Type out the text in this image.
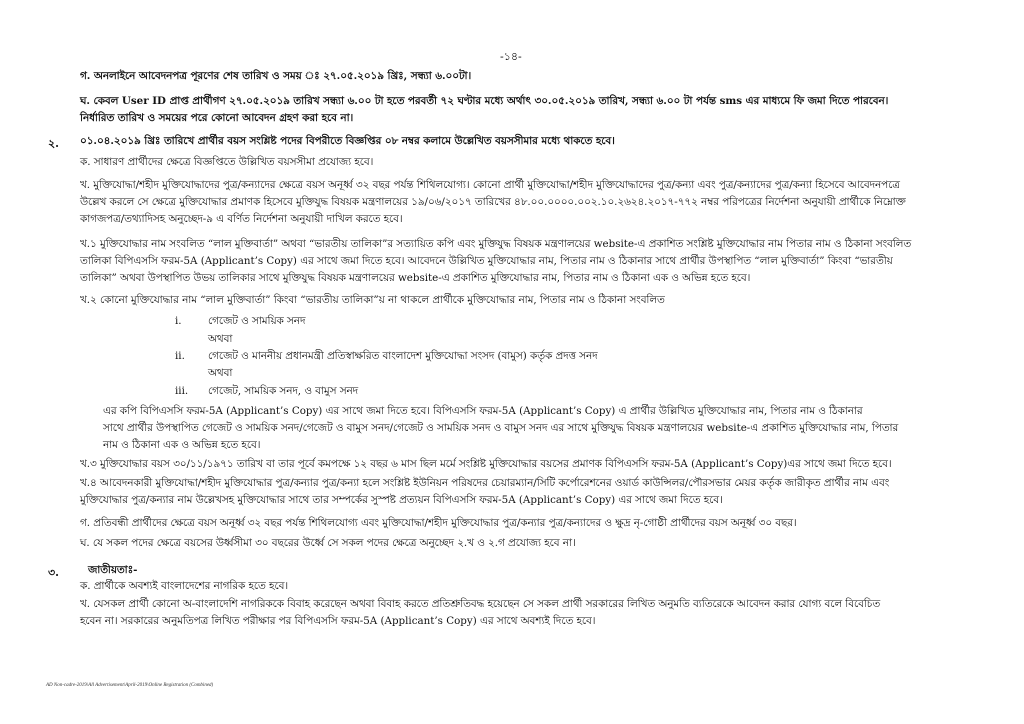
-১৪-
গ. অনলাইনে আবেদনপত্র পূরণের শেষ তারিখ ও সময় ঃ ২৭.০৫.২০১৯ খ্রিঃ, সন্ধ্যা ৬.০০টা।
ঘ. কেবল User ID প্রাপ্ত প্রার্থীগণ ২৭.০৫.২০১৯ তারিখ সন্ধ্যা ৬.০০ টা হতে পরবর্তী ৭২ ঘণ্টার মধ্যে অর্থাৎ ৩০.০৫.২০১৯ তারিখ, সন্ধ্যা ৬.০০ টা পর্যন্ত sms এর মাধ্যমে ফি জমা দিতে পারবেন।
নির্ধারিত তারিখ ও সময়ের পরে কোনো আবেদন গ্রহণ করা হবে না।
২. ০১.০৪.২০১৯ খ্রিঃ তারিখে প্রার্থীর বয়স সংশ্লিষ্ট পদের বিপরীতে বিজ্ঞপ্তির ০৮ নম্বর কলামে উল্লেখিত বয়সসীমার মধ্যে থাকতে হবে।
ক. সাধারণ প্রার্থীদের ক্ষেত্রে বিজ্ঞপ্তিতে উল্লিখিত বয়সসীমা প্রযোজ্য হবে।
খ. মুক্তিযোদ্ধা/শহীদ মুক্তিযোদ্ধাদের পুত্র/কন্যাদের ক্ষেত্রে বয়স অনূর্ধ্ব ৩২ বছর পর্যন্ত শিথিলযোগ্য। কোনো প্রার্থী মুক্তিযোদ্ধা/শহীদ মুক্তিযোদ্ধাদের পুত্র/কন্যা এবং পুত্র/কন্যাদের পুত্র/কন্যা হিসেবে আবেদনপত্রে
উল্লেখ করলে সে ক্ষেত্রে মুক্তিযোদ্ধার প্রমাণক হিসেবে মুক্তিযুদ্ধ বিষয়ক মন্ত্রণালয়ের ১৯/০৬/২০১৭ তারিখের ৪৮.০০.০০০০.০০২.১০.২৬২৪.২০১৭-৭৭২ নম্বর পরিপত্রের নির্দেশনা অনুযায়ী প্রার্থীকে নিম্নোক্ত
কাগজপত্র/তথ্যাদিসহ অনুচ্ছেদ-৯ এ বর্ণিত নির্দেশনা অনুযায়ী দাখিল করতে হবে।
খ.১ মুক্তিযোদ্ধার নাম সংবলিত “লাল মুক্তিবার্তা” অথবা “ভারতীয় তালিকা”র সত্যায়িত কপি এবং মুক্তিযুদ্ধ বিষয়ক মন্ত্রণালয়ের website-এ প্রকাশিত সংশ্লিষ্ট মুক্তিযোদ্ধার নাম পিতার নাম ও ঠিকানা সংবলিত
তালিকা বিপিএসসি ফরম-5A (Applicant’s Copy) এর সাথে জমা দিতে হবে। আবেদনে উল্লিখিত মুক্তিযোদ্ধার নাম, পিতার নাম ও ঠিকানার সাথে প্রার্থীর উপস্থাপিত “লাল মুক্তিবার্তা” কিংবা “ভারতীয়
তালিকা” অথবা উপস্থাপিত উভয় তালিকার সাথে মুক্তিযুদ্ধ বিষয়ক মন্ত্রণালয়ের website-এ প্রকাশিত মুক্তিযোদ্ধার নাম, পিতার নাম ও ঠিকানা এক ও অভিন্ন হতে হবে।
খ.২ কোনো মুক্তিযোদ্ধার নাম “লাল মুক্তিবার্তা” কিংবা “ভারতীয় তালিকা”য় না থাকলে প্রার্থীকে মুক্তিযোদ্ধার নাম, পিতার নাম ও ঠিকানা সংবলিত
i.	গেজেট ও সাময়িক সনদ
অথবা
ii. গেজেট ও মাননীয় প্রধানমন্ত্রী প্রতিস্বাক্ষরিত বাংলাদেশ মুক্তিযোদ্ধা সংসদ (বামুস) কর্তৃক প্রদত্ত সনদ
অথবা
iii. গেজেট, সাময়িক সনদ, ও বামুস সনদ
এর কপি বিপিএসসি ফরম-5A (Applicant’s Copy) এর সাথে জমা দিতে হবে। বিপিএসসি ফরম-5A (Applicant’s Copy) এ প্রার্থীর উল্লিখিত মুক্তিযোদ্ধার নাম, পিতার নাম ও ঠিকানার
সাথে প্রার্থীর উপস্থাপিত গেজেট ও সাময়িক সনদ/গেজেট ও বামুস সনদ/গেজেট ও সাময়িক সনদ ও বামুস সনদ এর সাথে মুক্তিযুদ্ধ বিষয়ক মন্ত্রণালয়ের website-এ প্রকাশিত মুক্তিযোদ্ধার নাম, পিতার
নাম ও ঠিকানা এক ও অভিন্ন হতে হবে।
খ.৩ মুক্তিযোদ্ধার বয়স ৩০/১১/১৯৭১ তারিখ বা তার পূর্বে কমপক্ষে ১২ বছর ৬ মাস ছিল মর্মে সংশ্লিষ্ট মুক্তিযোদ্ধার বয়সের প্রমাণক বিপিএসসি ফরম-5A (Applicant’s Copy)এর সাথে জমা দিতে হবে।
খ.৪ আবেদনকারী মুক্তিযোদ্ধা/শহীদ মুক্তিযোদ্ধার পুত্র/কন্যার পুত্র/কন্যা হলে সংশ্লিষ্ট ইউনিয়ন পরিষদের চেয়ারম্যান/সিটি কর্পোরেশনের ওয়ার্ড কাউন্সিলর/পৌরসভার মেয়র কর্তৃক জারীকৃত প্রার্থীর নাম এবং
মুক্তিযোদ্ধার পুত্র/কন্যার নাম উল্লেখসহ মুক্তিযোদ্ধার সাথে তার সম্পর্কের সুস্পষ্ট প্রত্যয়ন বিপিএসসি ফরম-5A (Applicant’s Copy) এর সাথে জমা দিতে হবে।
গ. প্রতিবন্ধী প্রার্থীদের ক্ষেত্রে বয়স অনূর্ধ্ব ৩২ বছর পর্যন্ত শিথিলযোগ্য এবং মুক্তিযোদ্ধা/শহীদ মুক্তিযোদ্ধার পুত্র/কন্যার পুত্র/কন্যাদের ও ক্ষুদ্র নৃ-গোষ্ঠী প্রার্থীদের বয়স অনূর্ধ্ব ৩০ বছর।
ঘ. যে সকল পদের ক্ষেত্রে বয়সের উর্ধ্বসীমা ৩০ বছরের উর্ধ্বে সে সকল পদের ক্ষেত্রে অনুচ্ছেদ ২.খ ও ২.গ প্রযোজ্য হবে না।
৩.	জাতীয়তাঃ-
ক. প্রার্থীকে অবশ্যই বাংলাদেশের নাগরিক হতে হবে।
খ. যেসকল প্রার্থী কোনো অ-বাংলাদেশি নাগরিককে বিবাহ করেছেন অথবা বিবাহ করতে প্রতিশ্রুতিবদ্ধ হয়েছেন সে সকল প্রার্থী সরকারের লিখিত অনুমতি ব্যতিরেকে আবেদন করার যোগ্য বলে বিবেচিত
হবেন না। সরকারের অনুমতিপত্র লিখিত পরীক্ষার পর বিপিএসসি ফরম-5A (Applicant’s Copy) এর সাথে অবশ্যই দিতে হবে।
AD Non-cadre-2019\All Advertisement\April-2019\Online Registration (Combined)
